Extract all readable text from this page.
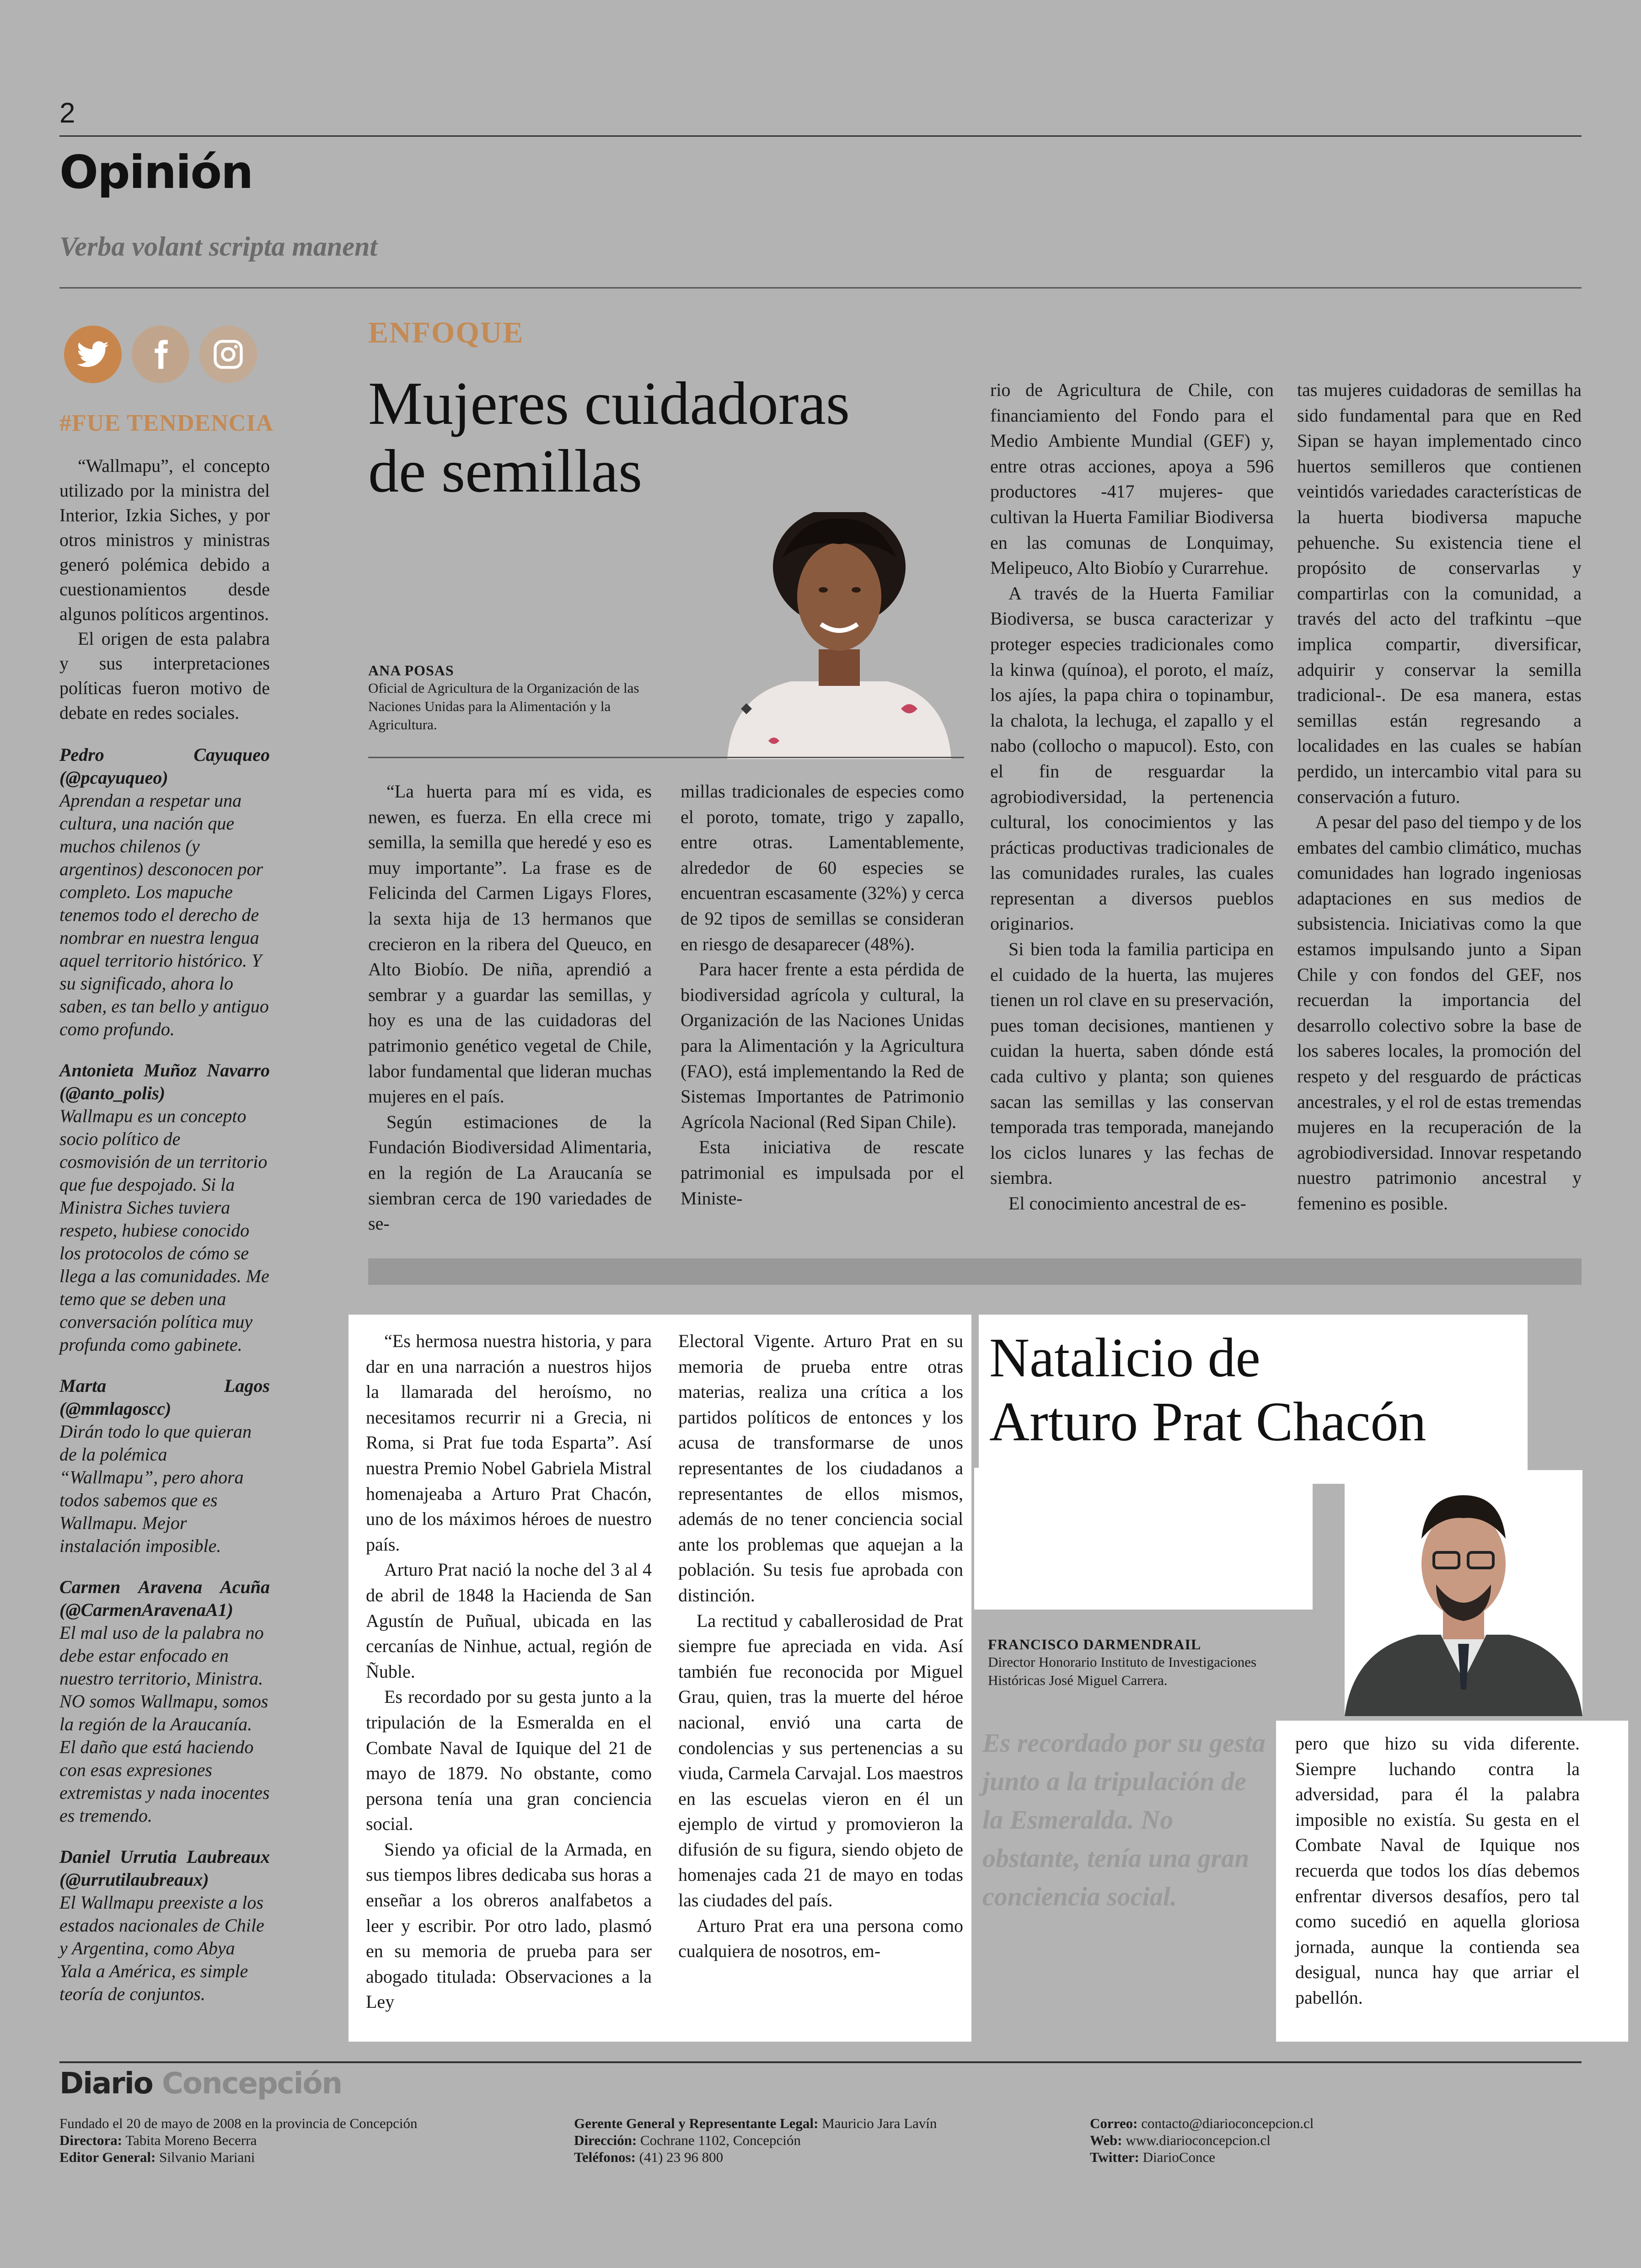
2
Opinión
Verba volant scripta manent
#FUE TENDENCIA

“Wallmapu”, el concepto utilizado por la ministra del Interior, Izkia Siches, y por otros ministros y ministras generó polémica debido a cuestionamientos desde algunos políticos argentinos.

El origen de esta palabra y sus interpretaciones políticas fueron motivo de debate en redes sociales.

Pedro Cayuqueo (@pcayuqueo)
Aprendan a respetar una cultura, una nación que muchos chilenos (y argentinos) desconocen por completo. Los mapuche tenemos todo el derecho de nombrar en nuestra lengua aquel territorio histórico. Y su significado, ahora lo saben, es tan bello y antiguo como profundo.
Antonieta Muñoz Navarro (@anto_polis)
Wallmapu es un concepto socio político de cosmovisión de un territorio que fue despojado. Si la Ministra Siches tuviera respeto, hubiese conocido los protocolos de cómo se llega a las comunidades. Me temo que se deben una conversación política muy profunda como gabinete.
Marta Lagos (@mmlagoscc)
Dirán todo lo que quieran de la polémica “Wallmapu”, pero ahora todos sabemos que es Wallmapu. Mejor instalación imposible.
Carmen Aravena Acuña (@CarmenAravenaA1)
El mal uso de la palabra no debe estar enfocado en nuestro territorio, Ministra. NO somos Wallmapu, somos la región de la Araucanía. El daño que está haciendo con esas expresiones extremistas y nada inocentes es tremendo.
Daniel Urrutia Laubreaux (@urrutilaubreaux)
El Wallmapu preexiste a los estados nacionales de Chile y Argentina, como Abya Yala a América, es simple teoría de conjuntos.
ENFOQUE
Mujeres cuidadoras
de semillas
ANA POSAS
Oficial de Agricultura de la Organización de las Naciones Unidas para la Alimentación y la Agricultura.

“La huerta para mí es vida, es newen, es fuerza. En ella crece mi semilla, la semilla que heredé y eso es muy importante”. La frase es de Felicinda del Carmen Ligays Flores, la sexta hija de 13 hermanos que crecieron en la ribera del Queuco, en Alto Biobío. De niña, aprendió a sembrar y a guardar las semillas, y hoy es una de las cuidadoras del patrimonio genético vegetal de Chile, labor fundamental que lideran muchas mujeres en el país.

Según estimaciones de la Fundación Biodiversidad Alimentaria, en la región de La Araucanía se siembran cerca de 190 variedades de se-

millas tradicionales de especies como el poroto, tomate, trigo y zapallo, entre otras. Lamentablemente, alrededor de 60 especies se encuentran escasamente (32%) y cerca de 92 tipos de semillas se consideran en riesgo de desaparecer (48%).

Para hacer frente a esta pérdida de biodiversidad agrícola y cultural, la Organización de las Naciones Unidas para la Alimentación y la Agricultura (FAO), está implementando la Red de Sistemas Importantes de Patrimonio Agrícola Nacional (Red Sipan Chile).

Esta iniciativa de rescate patrimonial es impulsada por el Ministe-

rio de Agricultura de Chile, con financiamiento del Fondo para el Medio Ambiente Mundial (GEF) y, entre otras acciones, apoya a 596 productores -417 mujeres- que cultivan la Huerta Familiar Biodiversa en las comunas de Lonquimay, Melipeuco, Alto Biobío y Curarrehue.

A través de la Huerta Familiar Biodiversa, se busca caracterizar y proteger especies tradicionales como la kinwa (quínoa), el poroto, el maíz, los ajíes, la papa chira o topinambur, la chalota, la lechuga, el zapallo y el nabo (collocho o mapucol). Esto, con el fin de resguardar la agrobiodiversidad, la pertenencia cultural, los conocimientos y las prácticas productivas tradicionales de las comunidades rurales, las cuales representan a diversos pueblos originarios.

Si bien toda la familia participa en el cuidado de la huerta, las mujeres tienen un rol clave en su preservación, pues toman decisiones, mantienen y cuidan la huerta, saben dónde está cada cultivo y planta; son quienes sacan las semillas y las conservan temporada tras temporada, manejando los ciclos lunares y las fechas de siembra.

El conocimiento ancestral de es-

tas mujeres cuidadoras de semillas ha sido fundamental para que en Red Sipan se hayan implementado cinco huertos semilleros que contienen veintidós variedades características de la huerta biodiversa mapuche pehuenche. Su existencia tiene el propósito de conservarlas y compartirlas con la comunidad, a través del acto del trafkintu –que implica compartir, diversificar, adquirir y conservar la semilla tradicional-. De esa manera, estas semillas están regresando a localidades en las cuales se habían perdido, un intercambio vital para su conservación a futuro.

A pesar del paso del tiempo y de los embates del cambio climático, muchas comunidades han logrado ingeniosas adaptaciones en sus medios de subsistencia. Iniciativas como la que estamos impulsando junto a Sipan Chile y con fondos del GEF, nos recuerdan la importancia del desarrollo colectivo sobre la base de los saberes locales, la promoción del respeto y del resguardo de prácticas ancestrales, y el rol de estas tremendas mujeres en la recuperación de la agrobiodiversidad. Innovar respetando nuestro patrimonio ancestral y femenino es posible.

Natalicio de
Arturo Prat Chacón
FRANCISCO DARMENDRAIL
Director Honorario Instituto de Investigaciones
Históricas José Miguel Carrera.
Es recordado por su gesta junto a la tripulación de la Esmeralda. No obstante, tenía una gran conciencia social.

“Es hermosa nuestra historia, y para dar en una narración a nuestros hijos la llamarada del heroísmo, no necesitamos recurrir ni a Grecia, ni Roma, si Prat fue toda Esparta”. Así nuestra Premio Nobel Gabriela Mistral homenajeaba a Arturo Prat Chacón, uno de los máximos héroes de nuestro país.

Arturo Prat nació la noche del 3 al 4 de abril de 1848 la Hacienda de San Agustín de Puñual, ubicada en las cercanías de Ninhue, actual, región de Ñuble.

Es recordado por su gesta junto a la tripulación de la Esmeralda en el Combate Naval de Iquique del 21 de mayo de 1879. No obstante, como persona tenía una gran conciencia social.

Siendo ya oficial de la Armada, en sus tiempos libres dedicaba sus horas a enseñar a los obreros analfabetos a leer y escribir. Por otro lado, plasmó en su memoria de prueba para ser abogado titulada: Observaciones a la Ley

Electoral Vigente. Arturo Prat en su memoria de prueba entre otras materias, realiza una crítica a los partidos políticos de entonces y los acusa de transformarse de unos representantes de los ciudadanos a representantes de ellos mismos, además de no tener conciencia social ante los problemas que aquejan a la población. Su tesis fue aprobada con distinción.

La rectitud y caballerosidad de Prat siempre fue apreciada en vida. Así también fue reconocida por Miguel Grau, quien, tras la muerte del héroe nacional, envió una carta de condolencias y sus pertenencias a su viuda, Carmela Carvajal. Los maestros en las escuelas vieron en él un ejemplo de virtud y promovieron la difusión de su figura, siendo objeto de homenajes cada 21 de mayo en todas las ciudades del país.

Arturo Prat era una persona como cualquiera de nosotros, em-

pero que hizo su vida diferente. Siempre luchando contra la adversidad, para él la palabra imposible no existía. Su gesta en el Combate Naval de Iquique nos recuerda que todos los días debemos enfrentar diversos desafíos, pero tal como sucedió en aquella gloriosa jornada, aunque la contienda sea desigual, nunca hay que arriar el pabellón.

Diario Concepción
Fundado el 20 de mayo de 2008 en la provincia de Concepción
Directora: Tabita Moreno Becerra
Editor General: Silvanio Mariani
Gerente General y Representante Legal: Mauricio Jara Lavín
Dirección: Cochrane 1102, Concepción
Teléfonos: (41) 23 96 800
Correo: contacto@diarioconcepcion.cl
Web: www.diarioconcepcion.cl
Twitter: DiarioConce
